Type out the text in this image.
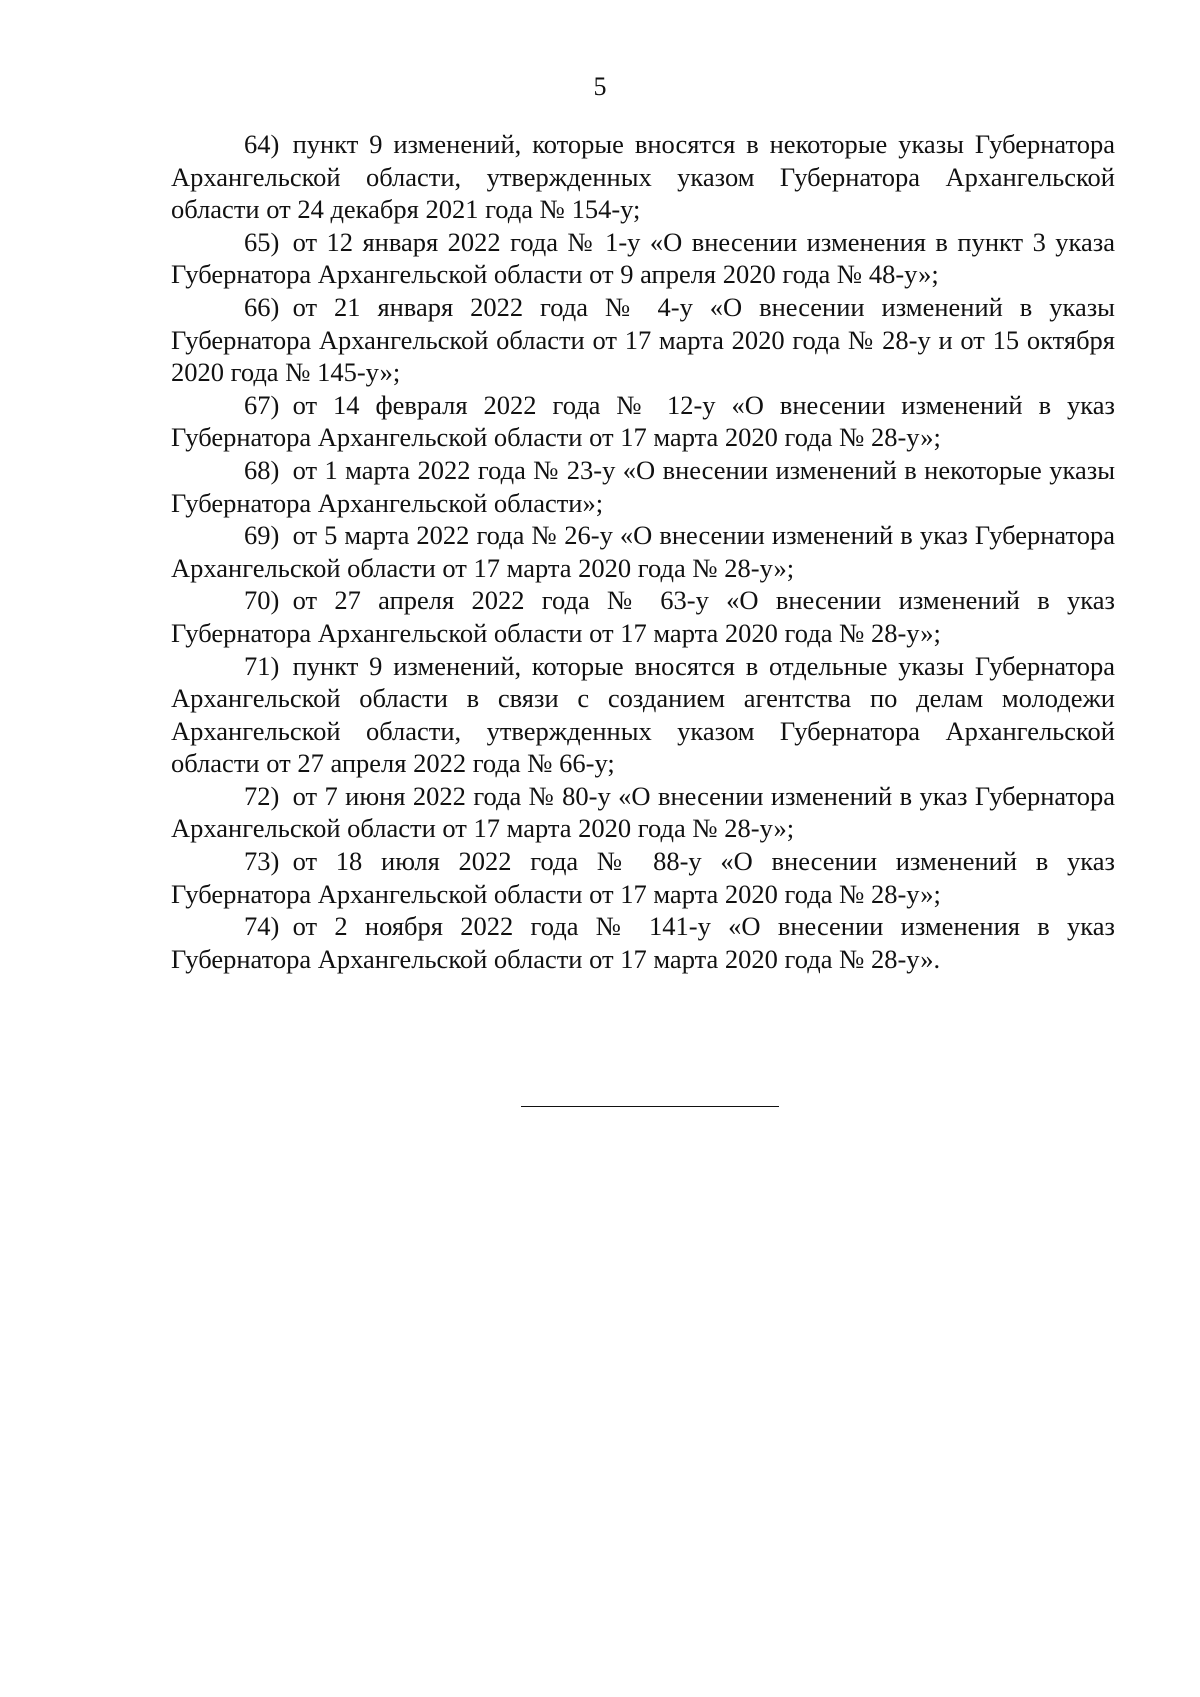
5

64) пункт 9 изменений, которые вносятся в некоторые указы Губернатора Архангельской области, утвержденных указом Губернатора Архангельской области от 24 декабря 2021 года № 154-у;

65) от 12 января 2022 года № 1-у «О внесении изменения в пункт 3 указа Губернатора Архангельской области от 9 апреля 2020 года № 48-у»;

66) от 21 января 2022 года № 4-у «О внесении изменений в указы Губернатора Архангельской области от 17 марта 2020 года № 28-у и от 15 октября 2020 года № 145-у»;

67) от 14 февраля 2022 года № 12-у «О внесении изменений в указ Губернатора Архангельской области от 17 марта 2020 года № 28-у»;

68) от 1 марта 2022 года № 23-у «О внесении изменений в некоторые указы Губернатора Архангельской области»;

69) от 5 марта 2022 года № 26-у «О внесении изменений в указ Губернатора Архангельской области от 17 марта 2020 года № 28-у»;

70) от 27 апреля 2022 года № 63-у «О внесении изменений в указ Губернатора Архангельской области от 17 марта 2020 года № 28-у»;

71) пункт 9 изменений, которые вносятся в отдельные указы Губернатора Архангельской области в связи с созданием агентства по делам молодежи Архангельской области, утвержденных указом Губернатора Архангельской области от 27 апреля 2022 года № 66-у;

72) от 7 июня 2022 года № 80-у «О внесении изменений в указ Губернатора Архангельской области от 17 марта 2020 года № 28-у»;

73) от 18 июля 2022 года № 88-у «О внесении изменений в указ Губернатора Архангельской области от 17 марта 2020 года № 28-у»;

74) от 2 ноября 2022 года № 141-у «О внесении изменения в указ Губернатора Архангельской области от 17 марта 2020 года № 28-у».
